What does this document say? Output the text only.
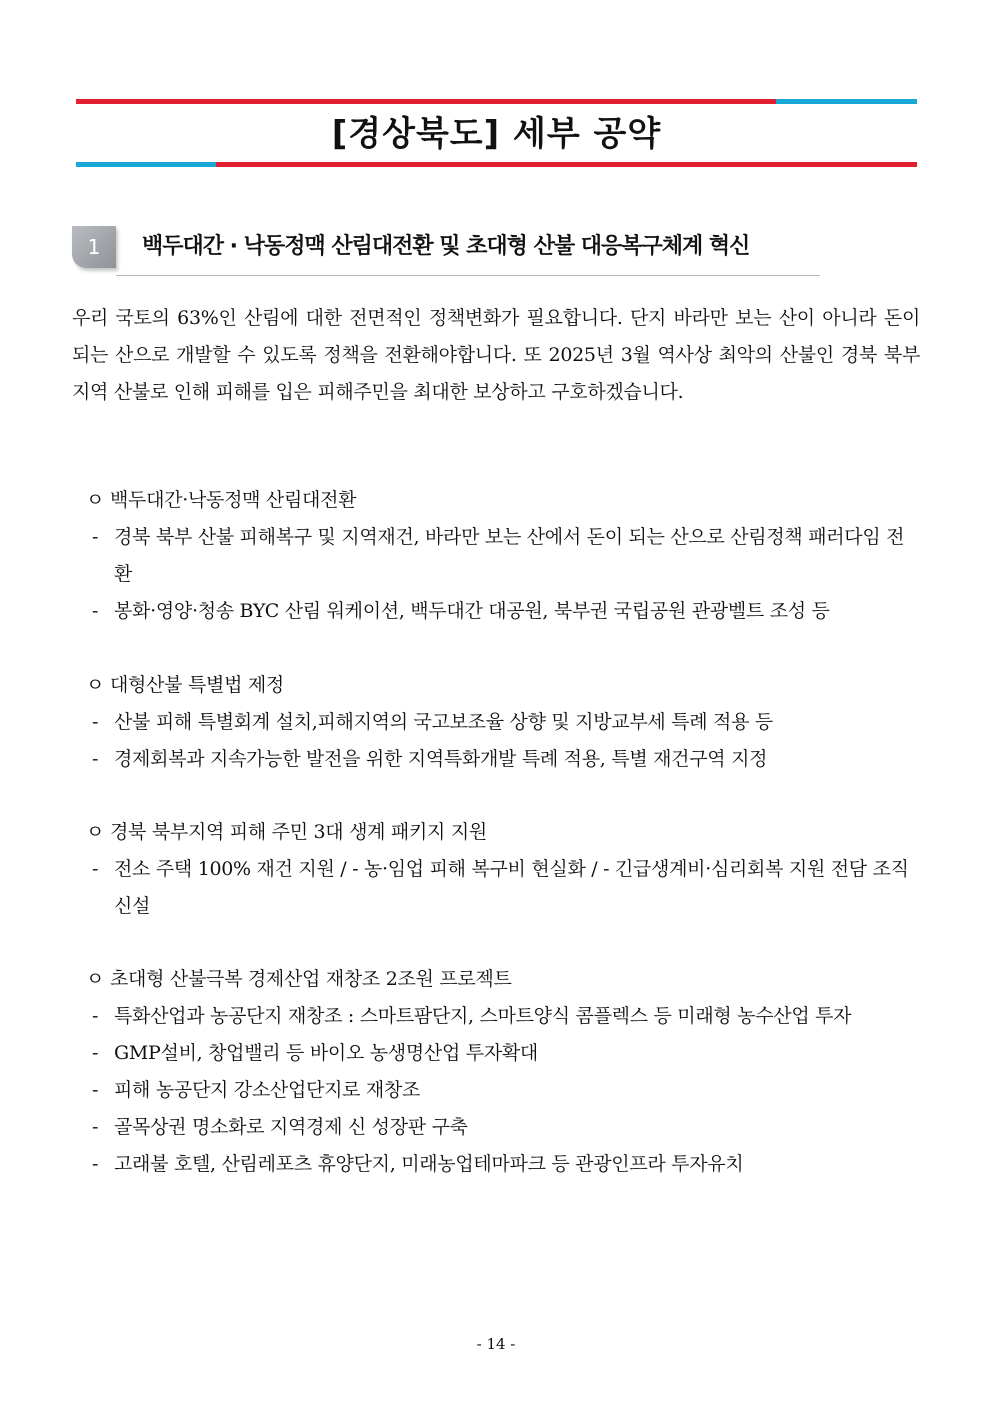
[경상북도] 세부 공약
1	백두대간 · 낙동정맥 산림대전환 및 초대형 산불 대응복구체계 혁신

우리 국토의 63%인 산림에 대한 전면적인 정책변화가 필요합니다. 단지 바라만 보는 산이 아니라 돈이 되는 산으로 개발할 수 있도록 정책을 전환해야합니다. 또 2025년 3월 역사상 최악의 산불인 경북 북부지역 산불로 인해 피해를 입은 피해주민을 최대한 보상하고 구호하겠습니다.

ㅇ 백두대간·낙동정맥 산림대전환
- 경북 북부 산불 피해복구 및 지역재건, 바라만 보는 산에서 돈이 되는 산으로 산림정책 패러다임 전환
- 봉화·영양·청송 BYC 산림 워케이션, 백두대간 대공원, 북부권 국립공원 관광벨트 조성 등
ㅇ 대형산불 특별법 제정
- 산불 피해 특별회계 설치,피해지역의 국고보조율 상향 및 지방교부세 특례 적용 등
- 경제회복과 지속가능한 발전을 위한 지역특화개발 특례 적용, 특별 재건구역 지정
ㅇ 경북 북부지역 피해 주민 3대 생계 패키지 지원
- 전소 주택 100% 재건 지원 / - 농·임업 피해 복구비 현실화 / - 긴급생계비·심리회복 지원 전담 조직 신설
ㅇ 초대형 산불극복 경제산업 재창조 2조원 프로젝트
- 특화산업과 농공단지 재창조 : 스마트팜단지, 스마트양식 콤플렉스 등 미래형 농수산업 투자
- GMP설비, 창업밸리 등 바이오 농생명산업 투자확대
- 피해 농공단지 강소산업단지로 재창조
- 골목상권 명소화로 지역경제 신 성장판 구축
- 고래불 호텔, 산림레포츠 휴양단지, 미래농업테마파크 등 관광인프라 투자유치
- 14 -
